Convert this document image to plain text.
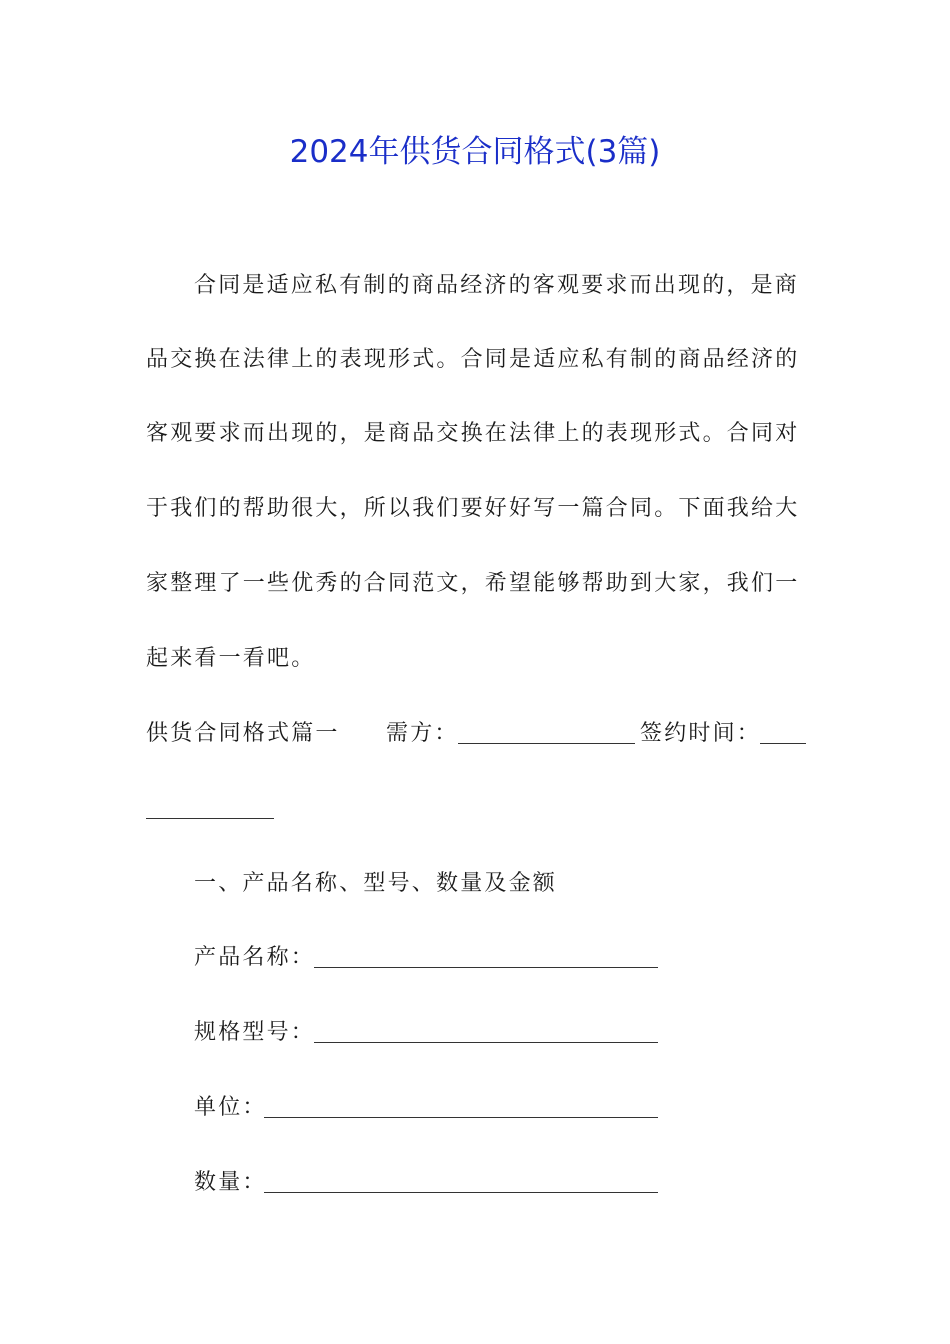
2024年供货合同格式(3篇)
合同是适应私有制的商品经济的客观要求而出现的，是商
品交换在法律上的表现形式。合同是适应私有制的商品经济的
客观要求而出现的，是商品交换在法律上的表现形式。合同对
于我们的帮助很大，所以我们要好好写一篇合同。下面我给大
家整理了一些优秀的合同范文，希望能够帮助到大家，我们一
起来看一看吧。
供货合同格式篇一 需方：	签约时间：
一、产品名称、型号、数量及金额
产品名称：
规格型号：
单位：
数量：
